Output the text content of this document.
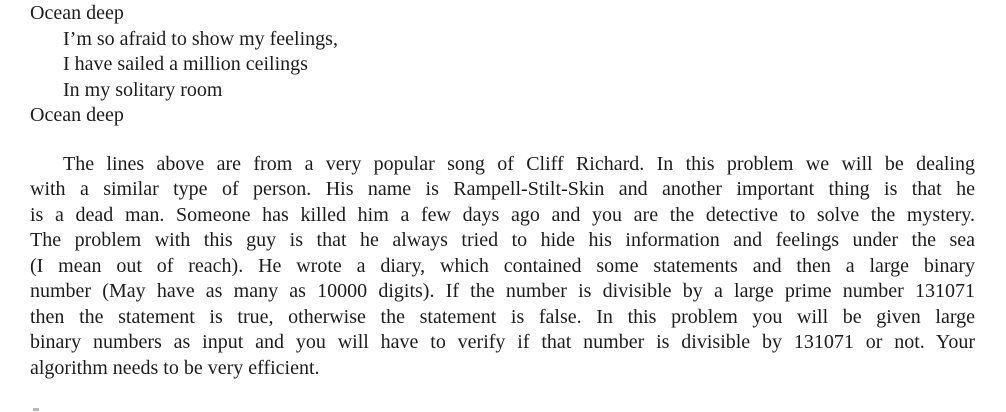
Ocean deep
I’m so afraid to show my feelings,
I have sailed a million ceilings
In my solitary room
Ocean deep
The lines above are from a very popular song of Cliff Richard. In this problem we will be dealing
with a similar type of person. His name is Rampell-Stilt-Skin and another important thing is that he
is a dead man. Someone has killed him a few days ago and you are the detective to solve the mystery.
The problem with this guy is that he always tried to hide his information and feelings under the sea
(I mean out of reach). He wrote a diary, which contained some statements and then a large binary
number (May have as many as 10000 digits). If the number is divisible by a large prime number 131071
then the statement is true, otherwise the statement is false. In this problem you will be given large
binary numbers as input and you will have to verify if that number is divisible by 131071 or not. Your
algorithm needs to be very efficient.
